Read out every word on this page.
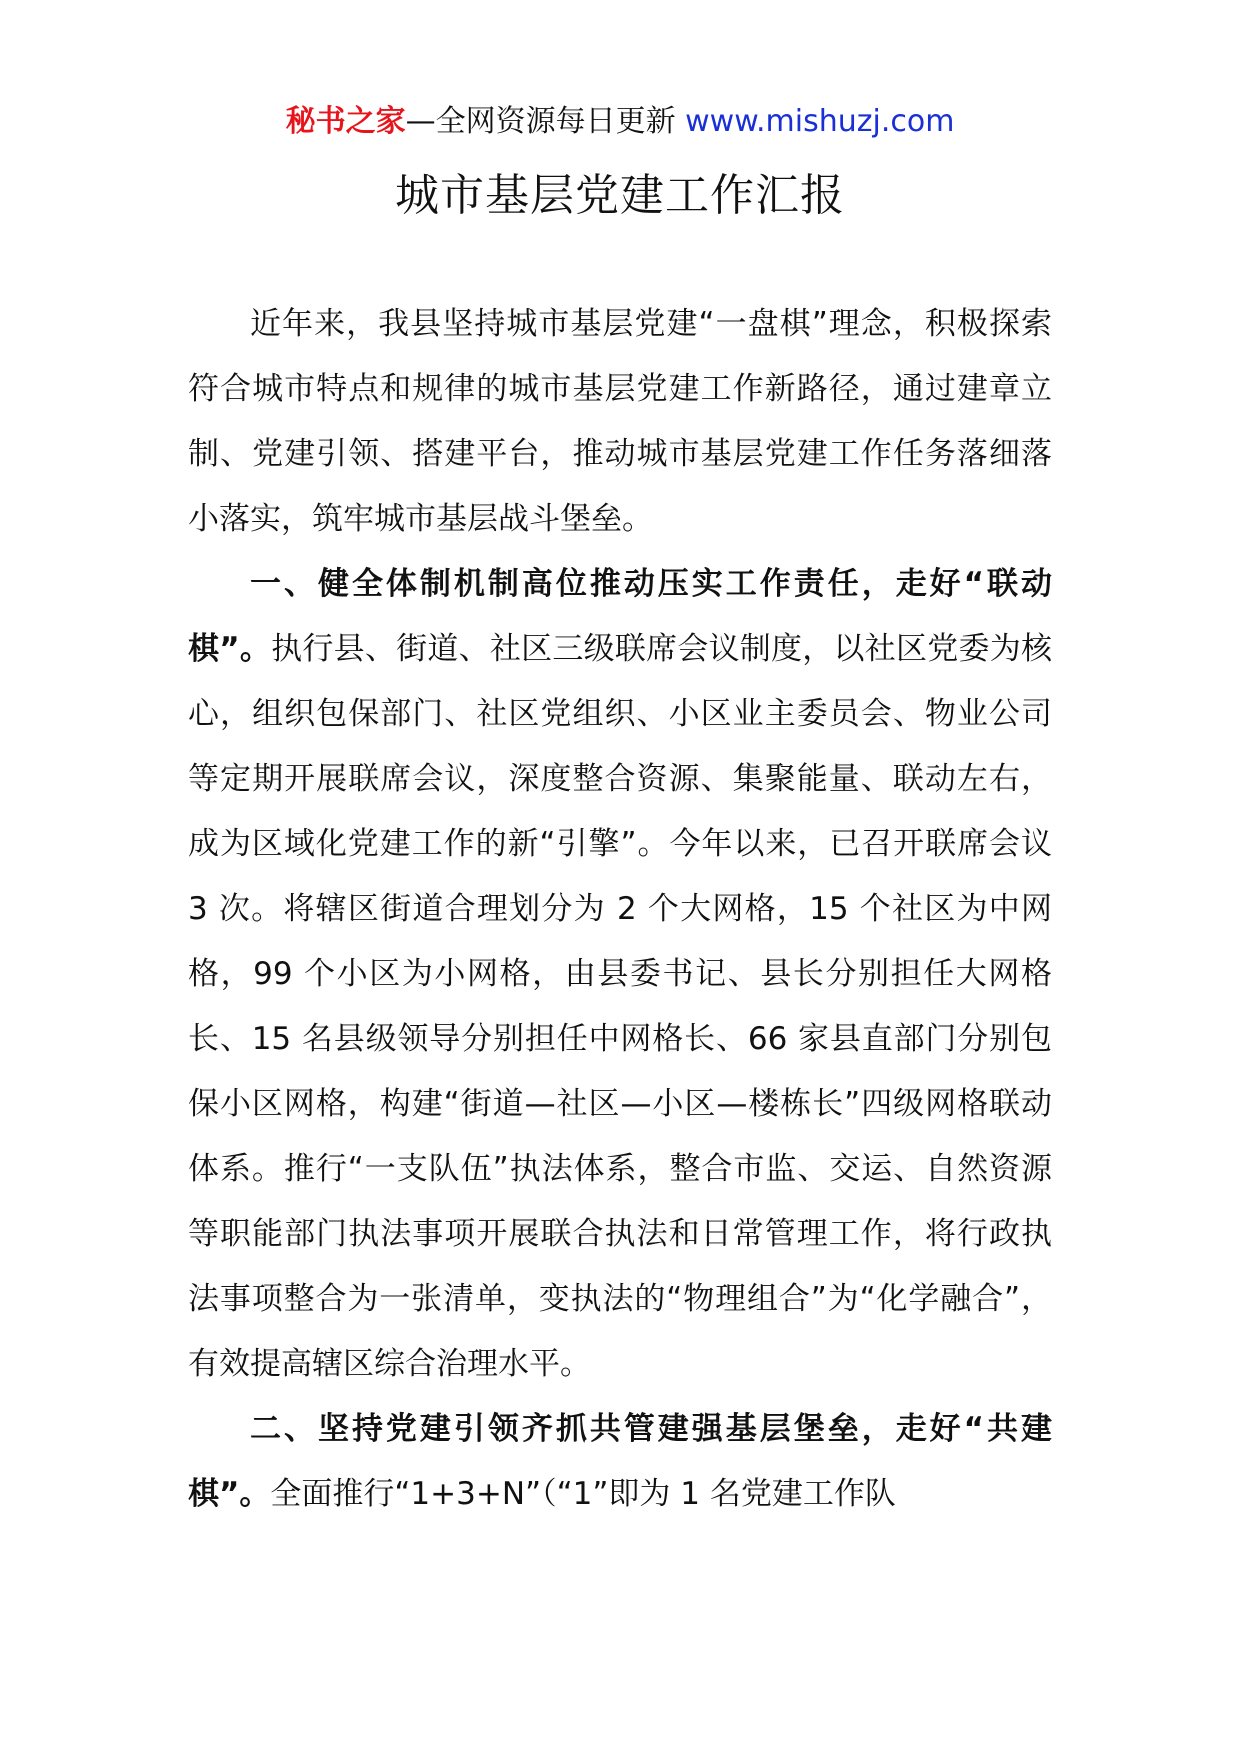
秘书之家—全网资源每日更新 www.mishuzj.com
城市基层党建工作汇报

近年来，我县坚持城市基层党建“一盘棋”理念，积极探索符合城市特点和规律的城市基层党建工作新路径，通过建章立制、党建引领、搭建平台，推动城市基层党建工作任务落细落小落实，筑牢城市基层战斗堡垒。

一、健全体制机制高位推动压实工作责任，走好“联动棋”。执行县、街道、社区三级联席会议制度，以社区党委为核心，组织包保部门、社区党组织、小区业主委员会、物业公司等定期开展联席会议，深度整合资源、集聚能量、联动左右，成为区域化党建工作的新“引擎”。今年以来，已召开联席会议 3 次。将辖区街道合理划分为 2 个大网格，15 个社区为中网格，99 个小区为小网格，由县委书记、县长分别担任大网格长、15 名县级领导分别担任中网格长、66 家县直部门分别包保小区网格，构建“街道—社区—小区—楼栋长”四级网格联动体系。推行“一支队伍”执法体系，整合市监、交运、自然资源等职能部门执法事项开展联合执法和日常管理工作，将行政执法事项整合为一张清单，变执法的“物理组合”为“化学融合”，有效提高辖区综合治理水平。

二、坚持党建引领齐抓共管建强基层堡垒，走好“共建棋”。全面推行“1+3+N”（“1”即为 1 名党建工作队
